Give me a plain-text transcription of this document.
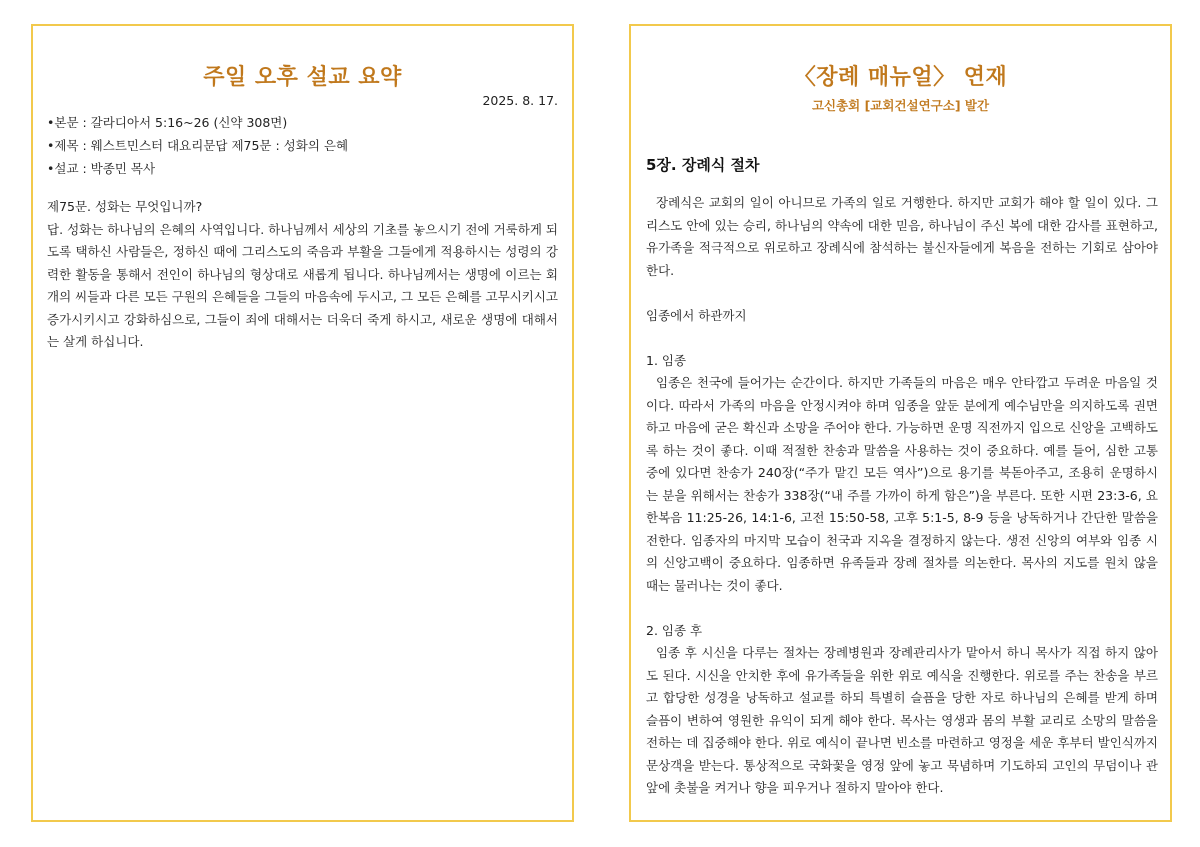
주일 오후 설교 요약
2025. 8. 17.
•본문 : 갈라디아서 5:16~26 (신약 308면)
•제목 : 웨스트민스터 대요리문답 제75문 : 성화의 은혜
•설교 : 박종민 목사

제75문. 성화는 무엇입니까?

답. 성화는 하나님의 은혜의 사역입니다. 하나님께서 세상의 기초를 놓으시기 전에 거룩하게 되도록 택하신 사람들은, 정하신 때에 그리스도의 죽음과 부활을 그들에게 적용하시는 성령의 강력한 활동을 통해서 전인이 하나님의 형상대로 새롭게 됩니다. 하나님께서는 생명에 이르는 회개의 씨들과 다른 모든 구원의 은혜들을 그들의 마음속에 두시고, 그 모든 은혜를 고무시키시고 증가시키시고 강화하심으로, 그들이 죄에 대해서는 더욱더 죽게 하시고, 새로운 생명에 대해서는 살게 하십니다.

〈장례 매뉴얼〉 연재
고신총회 [교회건설연구소] 발간
5장. 장례식 절차

장례식은 교회의 일이 아니므로 가족의 일로 거행한다. 하지만 교회가 해야 할 일이 있다. 그리스도 안에 있는 승리, 하나님의 약속에 대한 믿음, 하나님이 주신 복에 대한 감사를 표현하고, 유가족을 적극적으로 위로하고 장례식에 참석하는 불신자들에게 복음을 전하는 기회로 삼아야 한다.

임종에서 하관까지

1. 임종

임종은 천국에 들어가는 순간이다. 하지만 가족들의 마음은 매우 안타깝고 두려운 마음일 것이다. 따라서 가족의 마음을 안정시켜야 하며 임종을 앞둔 분에게 예수님만을 의지하도록 권면하고 마음에 굳은 확신과 소망을 주어야 한다. 가능하면 운명 직전까지 입으로 신앙을 고백하도록 하는 것이 좋다. 이때 적절한 찬송과 말씀을 사용하는 것이 중요하다. 예를 들어, 심한 고통 중에 있다면 찬송가 240장(“주가 맡긴 모든 역사”)으로 용기를 북돋아주고, 조용히 운명하시는 분을 위해서는 찬송가 338장(“내 주를 가까이 하게 함은”)을 부른다. 또한 시편 23:3-6, 요한복음 11:25-26, 14:1-6, 고전 15:50-58, 고후 5:1-5, 8-9 등을 낭독하거나 간단한 말씀을 전한다. 임종자의 마지막 모습이 천국과 지옥을 결정하지 않는다. 생전 신앙의 여부와 임종 시의 신앙고백이 중요하다. 임종하면 유족들과 장례 절차를 의논한다. 목사의 지도를 원치 않을 때는 물러나는 것이 좋다.

2. 임종 후

임종 후 시신을 다루는 절차는 장례병원과 장례관리사가 맡아서 하니 목사가 직접 하지 않아도 된다. 시신을 안치한 후에 유가족들을 위한 위로 예식을 진행한다. 위로를 주는 찬송을 부르고 합당한 성경을 낭독하고 설교를 하되 특별히 슬픔을 당한 자로 하나님의 은혜를 받게 하며 슬픔이 변하여 영원한 유익이 되게 해야 한다. 목사는 영생과 몸의 부활 교리로 소망의 말씀을 전하는 데 집중해야 한다. 위로 예식이 끝나면 빈소를 마련하고 영정을 세운 후부터 발인식까지 문상객을 받는다. 통상적으로 국화꽃을 영정 앞에 놓고 묵념하며 기도하되 고인의 무덤이나 관 앞에 촛불을 켜거나 향을 피우거나 절하지 말아야 한다.
